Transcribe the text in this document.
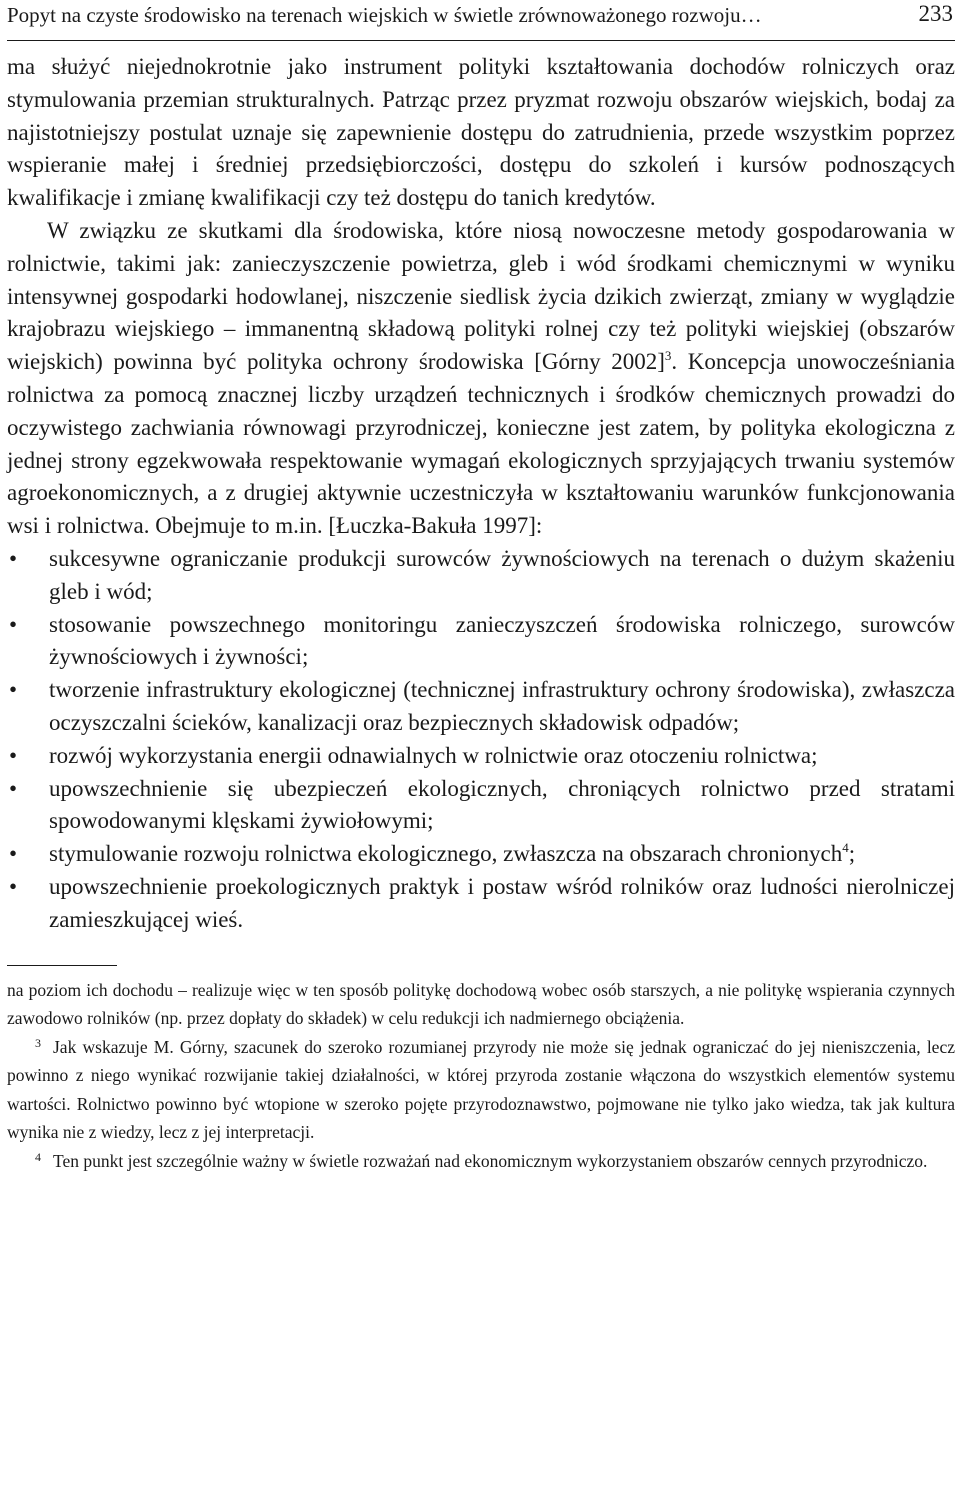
Popyt na czyste środowisko na terenach wiejskich w świetle zrównoważonego rozwoju…	233

ma służyć niejednokrotnie jako instrument polityki kształtowania dochodów rolniczych oraz stymulowania przemian strukturalnych. Patrząc przez pryzmat rozwoju obszarów wiejskich, bodaj za najistotniejszy postulat uznaje się zapewnienie dostępu do zatrudnienia, przede wszystkim poprzez wspieranie małej i średniej przedsiębiorczości, dostępu do szkoleń i kursów podnoszących kwalifikacje i zmianę kwalifikacji czy też dostępu do tanich kredytów.

W związku ze skutkami dla środowiska, które niosą nowoczesne metody gospodarowania w rolnictwie, takimi jak: zanieczyszczenie powietrza, gleb i wód środkami chemicznymi w wyniku intensywnej gospodarki hodowlanej, niszczenie siedlisk życia dzikich zwierząt, zmiany w wyglądzie krajobrazu wiejskiego – immanentną składową polityki rolnej czy też polityki wiejskiej (obszarów wiejskich) powinna być polityka ochrony środowiska [Górny 2002]$^3$. Koncepcja unowocześniania rolnictwa za pomocą znacznej liczby urządzeń technicznych i środków chemicznych prowadzi do oczywistego zachwiania równowagi przyrodniczej, konieczne jest zatem, by polityka ekologiczna z jednej strony egzekwowała respektowanie wymagań ekologicznych sprzyjających trwaniu systemów agroekonomicznych, a z drugiej aktywnie uczestniczyła w kształtowaniu warunków funkcjonowania wsi i rolnictwa. Obejmuje to m.in. [Łuczka-Bakuła 1997]:

• sukcesywne ograniczanie produkcji surowców żywnościowych na terenach o dużym skażeniu gleb i wód;
• stosowanie powszechnego monitoringu zanieczyszczeń środowiska rolniczego, surowców żywnościowych i żywności;
• tworzenie infrastruktury ekologicznej (technicznej infrastruktury ochrony środowiska), zwłaszcza oczyszczalni ścieków, kanalizacji oraz bezpiecznych składowisk odpadów;
• rozwój wykorzystania energii odnawialnych w rolnictwie oraz otoczeniu rolnictwa;
• upowszechnienie się ubezpieczeń ekologicznych, chroniących rolnictwo przed stratami spowodowanymi klęskami żywiołowymi;
• stymulowanie rozwoju rolnictwa ekologicznego, zwłaszcza na obszarach chronionych$^4$;
• upowszechnienie proekologicznych praktyk i postaw wśród rolników oraz ludności nierolniczej zamieszkującej wieś.

na poziom ich dochodu – realizuje więc w ten sposób politykę dochodową wobec osób starszych, a nie politykę wspierania czynnych zawodowo rolników (np. przez dopłaty do składek) w celu redukcji ich nadmiernego obciążenia.

$^3$ Jak wskazuje M. Górny, szacunek do szeroko rozumianej przyrody nie może się jednak ograniczać do jej nieniszczenia, lecz powinno z niego wynikać rozwijanie takiej działalności, w której przyroda zostanie włączona do wszystkich elementów systemu wartości. Rolnictwo powinno być wtopione w szeroko pojęte przyrodoznawstwo, pojmowane nie tylko jako wiedza, tak jak kultura wynika nie z wiedzy, lecz z jej interpretacji.

$^4$ Ten punkt jest szczególnie ważny w świetle rozważań nad ekonomicznym wykorzystaniem obszarów cennych przyrodniczo.
